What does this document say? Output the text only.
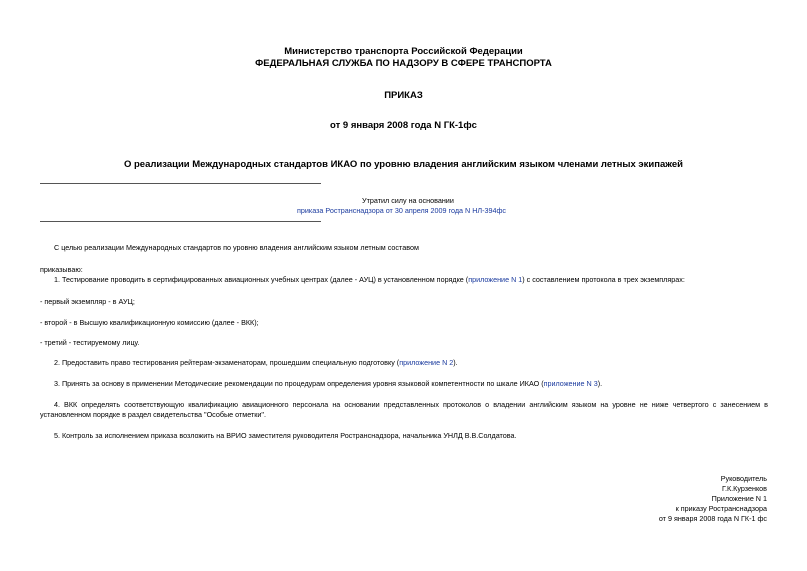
Министерство транспорта Российской Федерации
ФЕДЕРАЛЬНАЯ СЛУЖБА ПО НАДЗОРУ В СФЕРЕ ТРАНСПОРТА
ПРИКАЗ
от 9 января 2008 года N ГК-1фс
О реализации Международных стандартов ИКАО по уровню владения английским языком членами летных экипажей
Утратил силу на основании
приказа Ространснадзора от 30 апреля 2009 года N НЛ-394фс
С целью реализации Международных стандартов по уровню владения английским языком летным составом
приказываю:
1. Тестирование проводить в сертифицированных авиационных учебных центрах (далее - АУЦ) в установленном порядке (приложение N 1) с составлением протокола в трех экземплярах:
- первый экземпляр - в АУЦ;
- второй - в Высшую квалификационную комиссию (далее - ВКК);
- третий - тестируемому лицу.
2. Предоставить право тестирования рейтерам-экзаменаторам, прошедшим специальную подготовку (приложение N 2).
3. Принять за основу в применении Методические рекомендации по процедурам определения уровня языковой компетентности по шкале ИКАО (приложение N 3).
4. ВКК определять соответствующую квалификацию авиационного персонала на основании представленных протоколов о владении английским языком на уровне не ниже четвертого с занесением в установленном порядке в раздел свидетельства "Особые отметки".
5. Контроль за исполнением приказа возложить на ВРИО заместителя руководителя Ространснадзора, начальника УНЛД В.В.Солдатова.
Руководитель
Г.К.Курзенков
Приложение N 1
к приказу Ространснадзора
от 9 января 2008 года N ГК-1 фс
